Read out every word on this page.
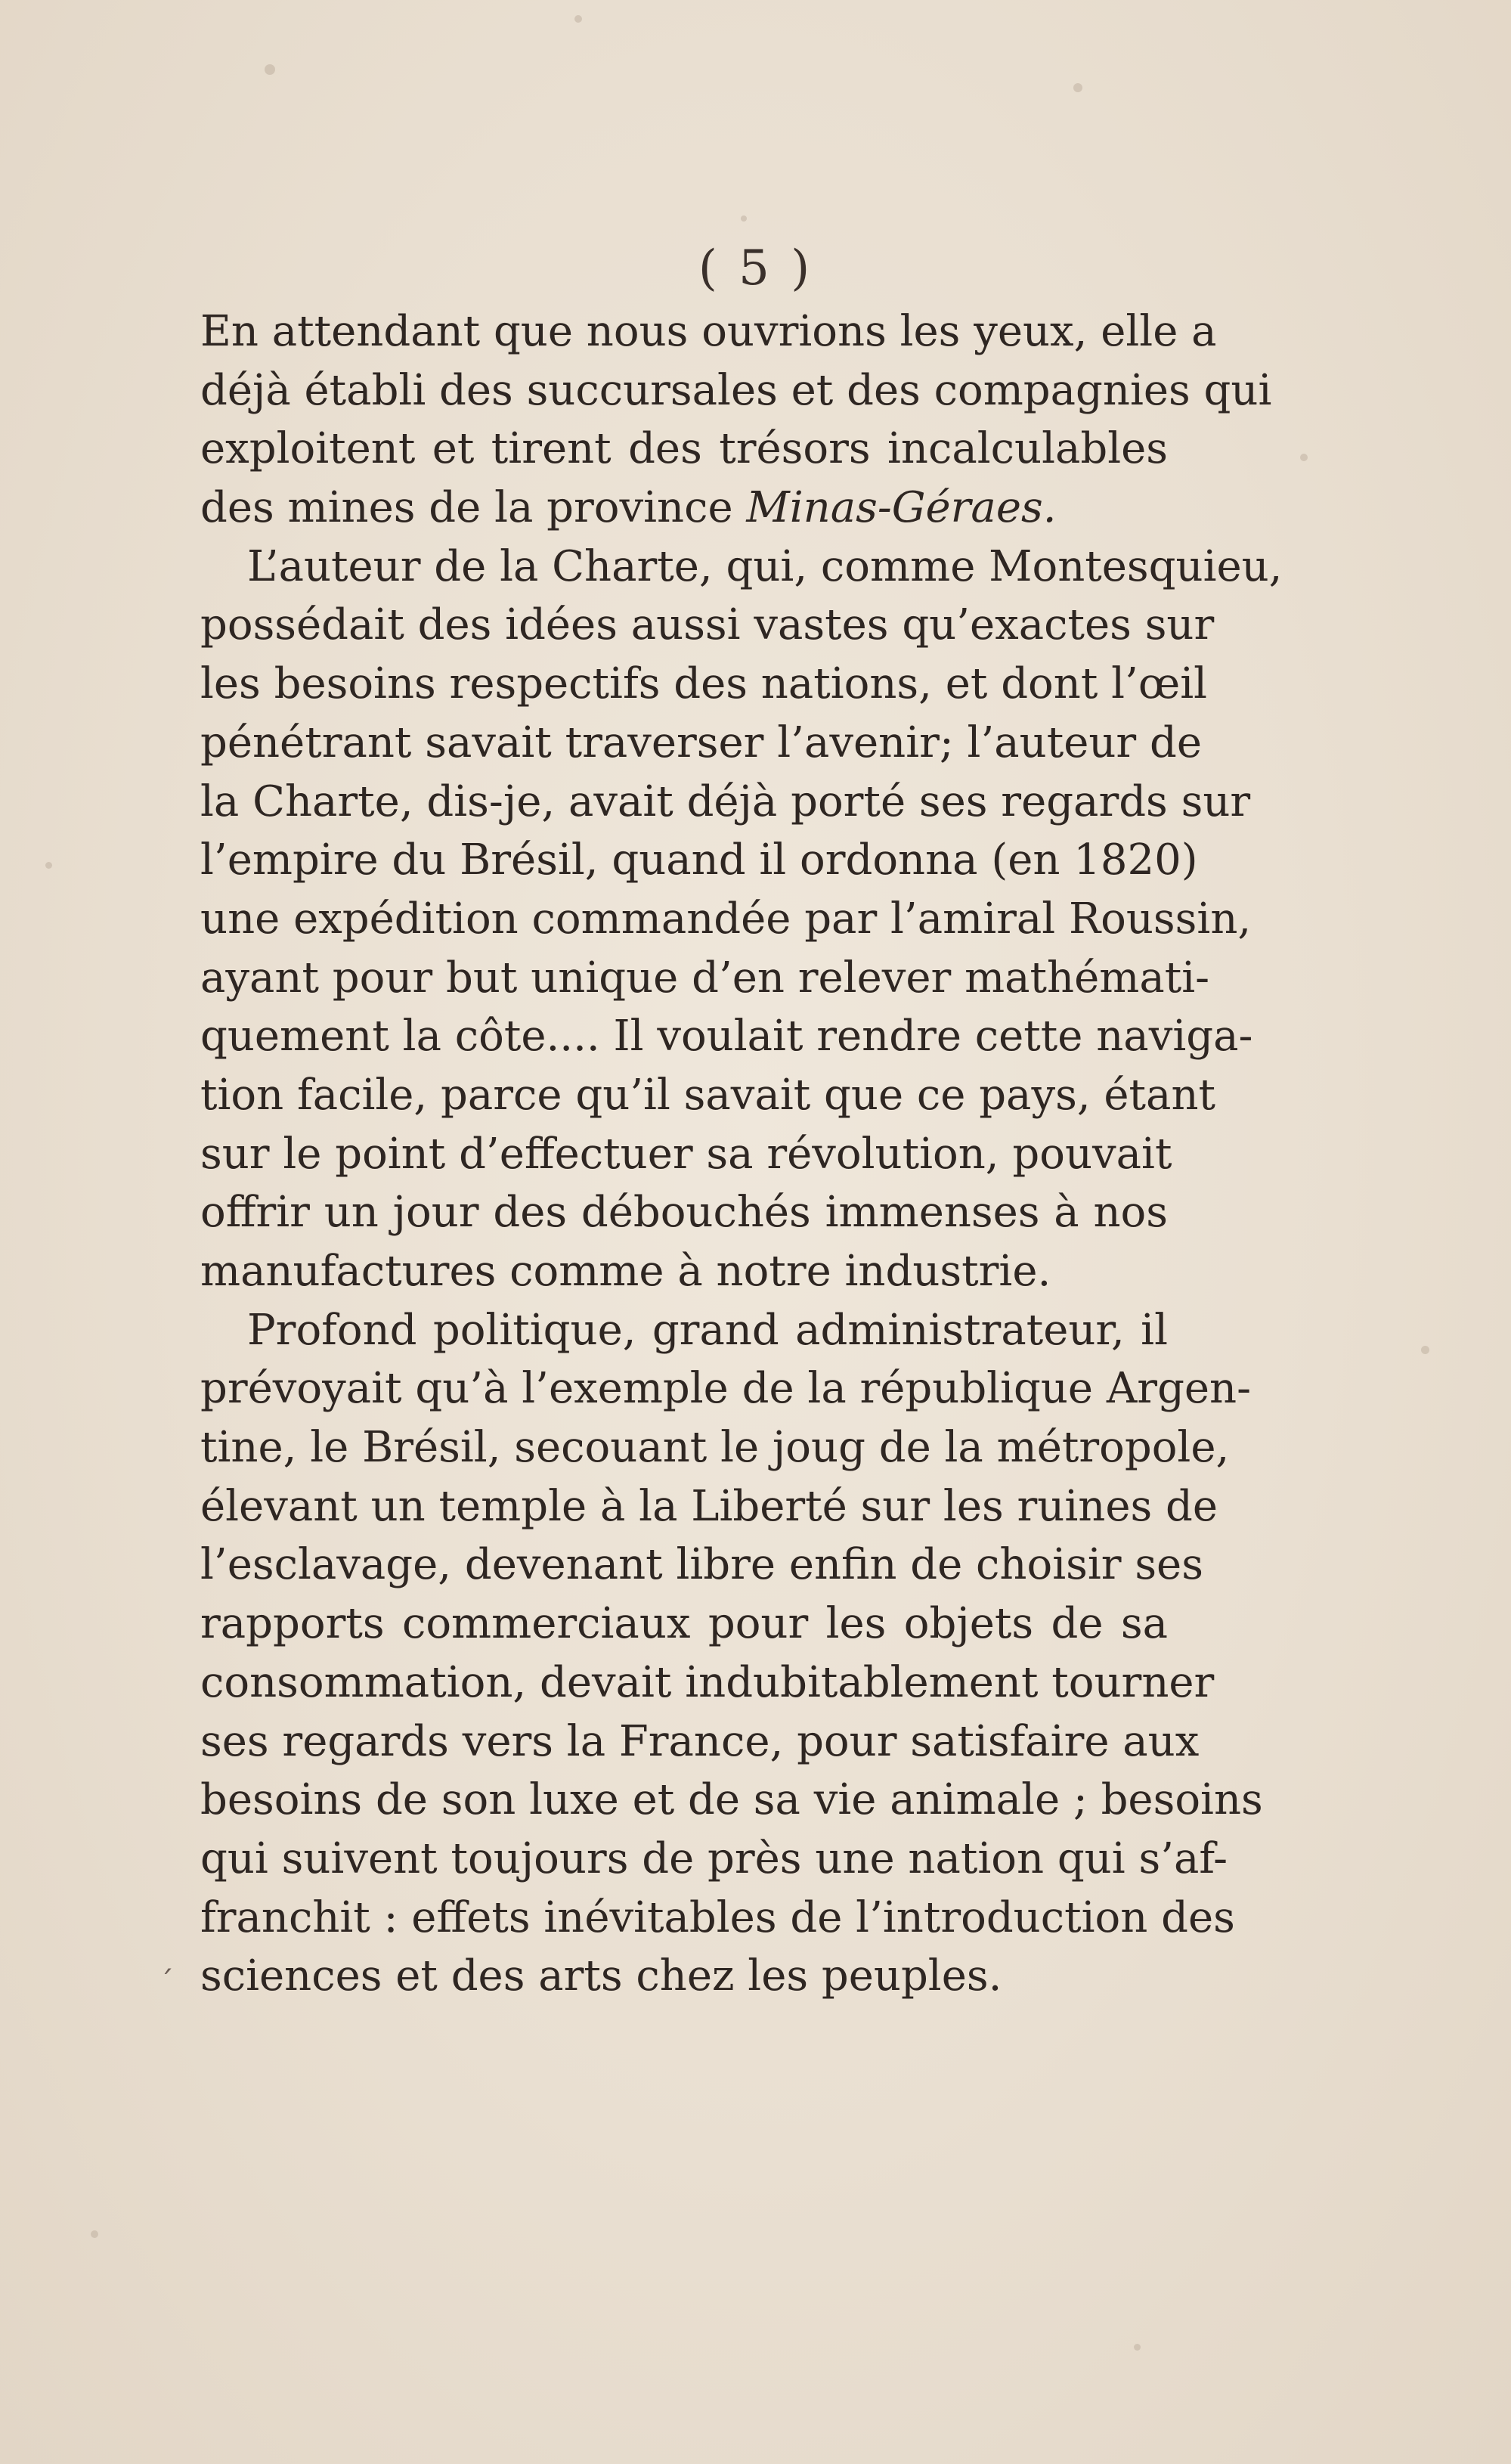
( 5 )
En attendant que nous ouvrions les yeux, elle a
déjà établi des succursales et des compagnies qui
exploitent et tirent des trésors incalculables
des mines de la province Minas-Géraes.
L’auteur de la Charte, qui, comme Montesquieu,
possédait des idées aussi vastes qu’exactes sur
les besoins respectifs des nations, et dont l’œil
pénétrant savait traverser l’avenir; l’auteur de
la Charte, dis-je, avait déjà porté ses regards sur
l’empire du Brésil, quand il ordonna (en 1820)
une expédition commandée par l’amiral Roussin,
ayant pour but unique d’en relever mathémati-
quement la côte.... Il voulait rendre cette naviga-
tion facile, parce qu’il savait que ce pays, étant
sur le point d’effectuer sa révolution, pouvait
offrir un jour des débouchés immenses à nos
manufactures comme à notre industrie.
Profond politique, grand administrateur, il
prévoyait qu’à l’exemple de la république Argen-
tine, le Brésil, secouant le joug de la métropole,
élevant un temple à la Liberté sur les ruines de
l’esclavage, devenant libre enfin de choisir ses
rapports commerciaux pour les objets de sa
consommation, devait indubitablement tourner
ses regards vers la France, pour satisfaire aux
besoins de son luxe et de sa vie animale ; besoins
qui suivent toujours de près une nation qui s’af-
franchit : effets inévitables de l’introduction des
sciences et des arts chez les peuples.
ˊ
